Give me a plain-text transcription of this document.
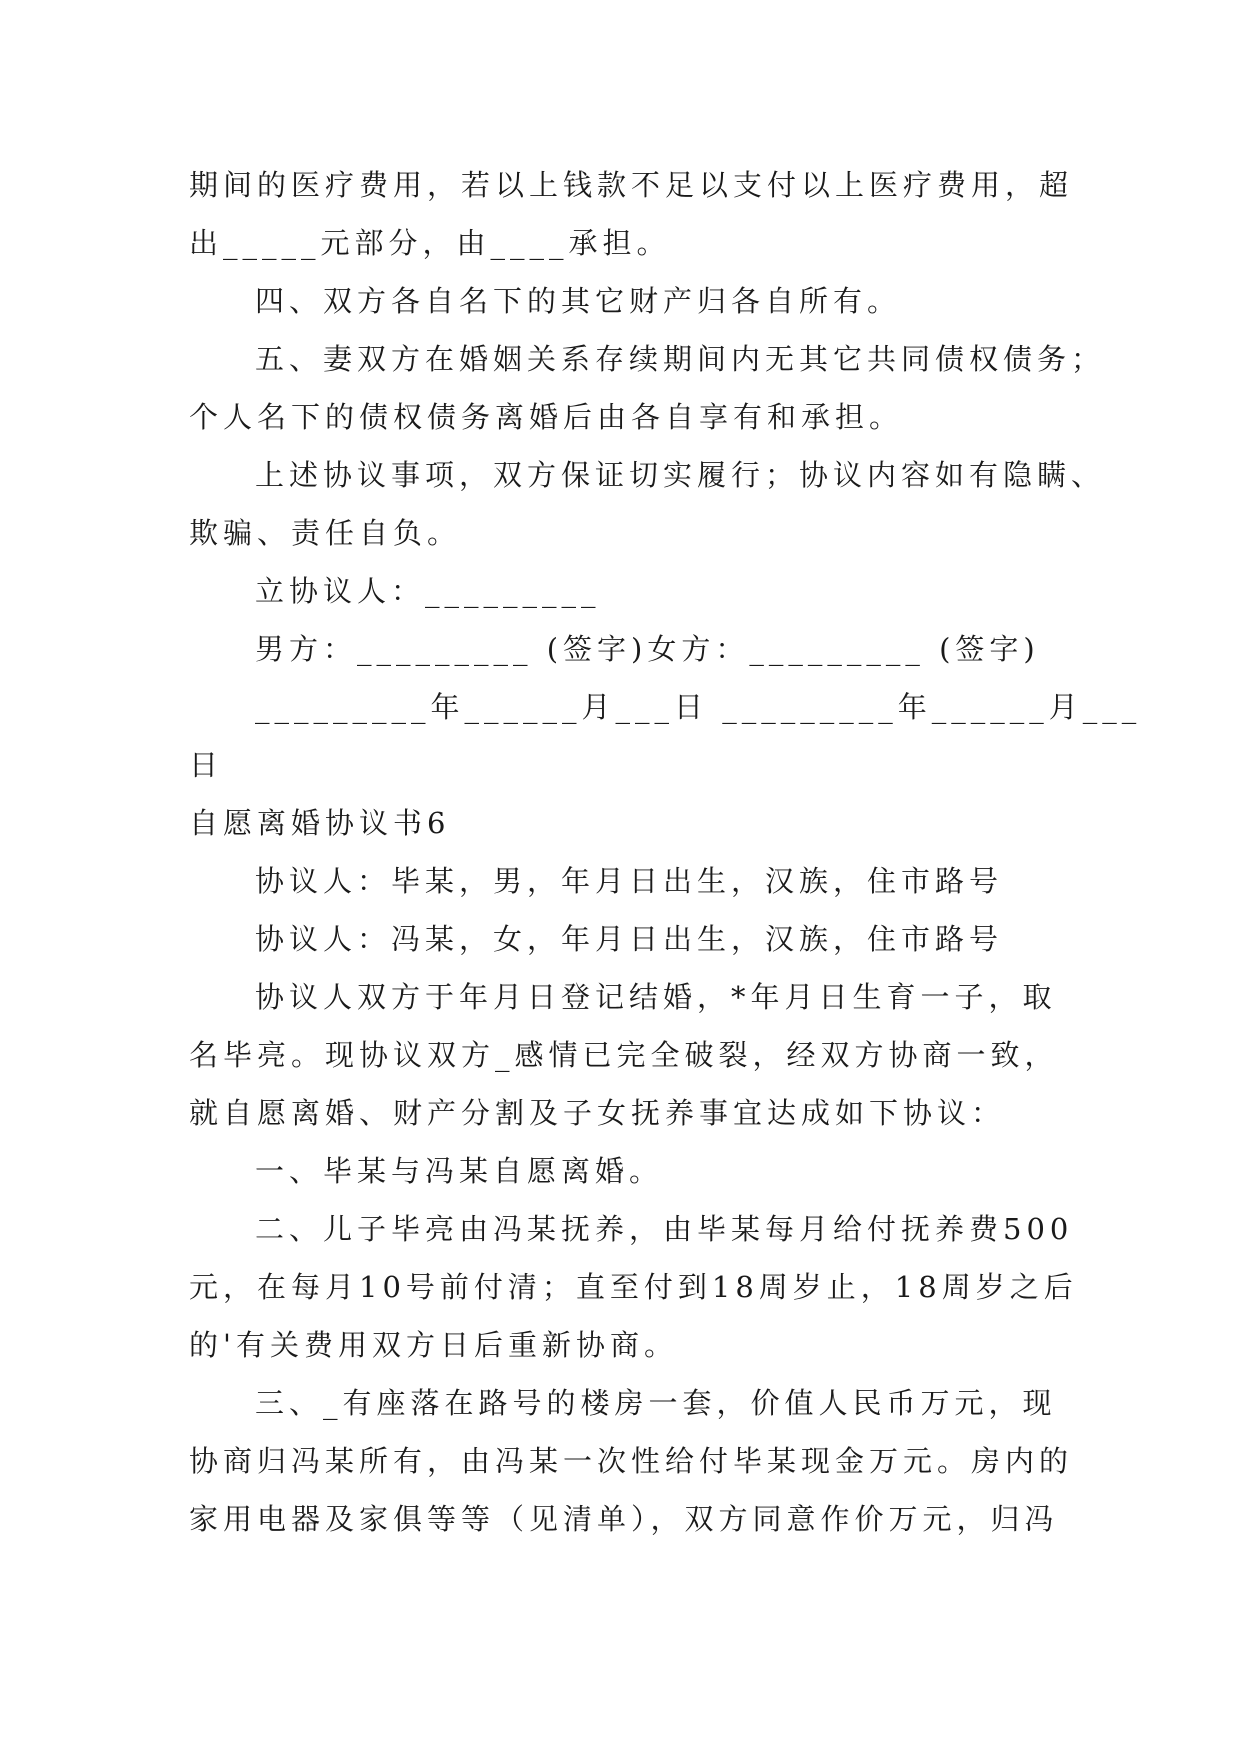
期间的医疗费用，若以上钱款不足以支付以上医疗费用，超
出_____元部分，由____承担。
四、双方各自名下的其它财产归各自所有。
五、妻双方在婚姻关系存续期间内无其它共同债权债务；
个人名下的债权债务离婚后由各自享有和承担。
上述协议事项，双方保证切实履行；协议内容如有隐瞒、
欺骗、责任自负。
立协议人：_________
男方：_________ (签字)女方：_________ (签字)
_________年______月___日 _________年______月___
日
自愿离婚协议书6
协议人：毕某，男，年月日出生，汉族，住市路号
协议人：冯某，女，年月日出生，汉族，住市路号
协议人双方于年月日登记结婚，*年月日生育一子，取
名毕亮。现协议双方_感情已完全破裂，经双方协商一致，
就自愿离婚、财产分割及子女抚养事宜达成如下协议：
一、毕某与冯某自愿离婚。
二、儿子毕亮由冯某抚养，由毕某每月给付抚养费500
元，在每月10号前付清；直至付到18周岁止，18周岁之后
的'有关费用双方日后重新协商。
三、_有座落在路号的楼房一套，价值人民币万元，现
协商归冯某所有，由冯某一次性给付毕某现金万元。房内的
家用电器及家俱等等（见清单），双方同意作价万元，归冯
